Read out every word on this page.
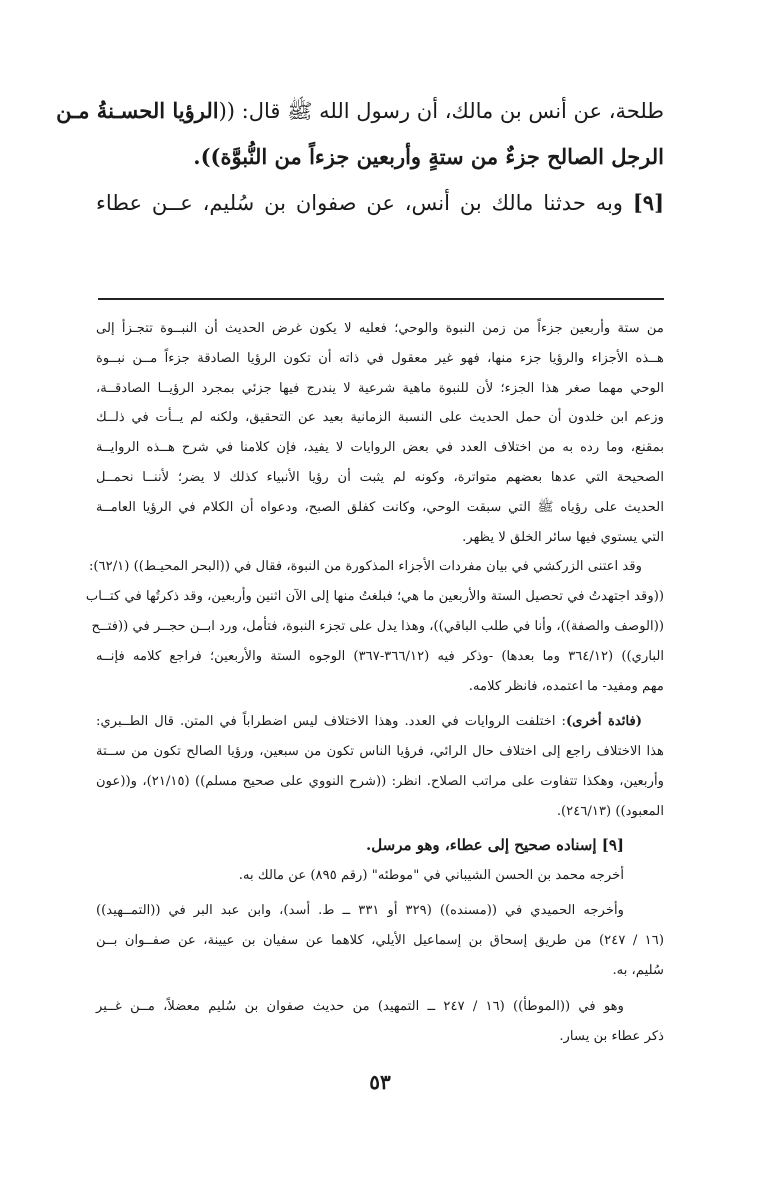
طلحة، عن أنس بن مالك، أن رسول الله ﷺ قال: ((الرؤيا الحسـنةُ مـن
الرجل الصالح جزءٌ من ستةٍ وأربعين جزءاً من النُّبوَّة)).
[٩] وبه حدثنا مالك بن أنس، عن صفوان بن سُليم، عــن عطاء
من ستة وأربعين جزءاً من زمن النبوة والوحي؛ فعليه لا يكون غرض الحديث أن النبــوة تتجـزأ إلى
هــذه الأجزاء والرؤيا جزء منها، فهو غير معقول في ذاته أن تكون الرؤيا الصادقة جزءاً مــن نبــوة
الوحي مهما صغر هذا الجزء؛ لأن للنبوة ماهية شرعية لا يندرج فيها جزئي بمجرد الرؤيــا الصادقــة،
وزعم ابن خلدون أن حمل الحديث على النسبة الزمانية بعيد عن التحقيق، ولكنه لم يــأت في ذلــك
بمقنع، وما رده به من اختلاف العدد في بعض الروايات لا يفيد، فإن كلامنا في شرح هــذه الروايــة
الصحيحة التي عدها بعضهم متواترة، وكونه لم يثبت أن رؤيا الأنبياء كذلك لا يضر؛ لأننــا نحمــل
الحديث على رؤياه ﷺ التي سبقت الوحي، وكانت كفلق الصبح، ودعواه أن الكلام في الرؤيا العامــة
التي يستوي فيها سائر الخلق لا يظهر.
وقد اعتنى الزركشي في بيان مفردات الأجزاء المذكورة من النبوة، فقال في ((البحر المحيـط)) (٦٢/١):
((وقد اجتهدتُ في تحصيل الستة والأربعين ما هي؛ فبلغتُ منها إلى الآن اثنين وأربعين، وقد ذكرتُها في كتــاب
((الوصف والصفة))، وأنا في طلب الباقي))، وهذا يدل على تجزء النبوة، فتأمل، ورد ابــن حجــر في ((فتــح
الباري)) (٣٦٤/١٢ وما بعدها) -وذكر فيه (٣٦٦/١٢-٣٦٧) الوجوه الستة والأربعين؛ فراجع كلامه فإنــه
مهم ومفيد- ما اعتمده، فانظر كلامه.
(فائدة أخرى): اختلفت الروايات في العدد. وهذا الاختلاف ليس اضطراباً في المتن. قال الطــبري:
هذا الاختلاف راجع إلى اختلاف حال الرائي، فرؤيا الناس تكون من سبعين، ورؤيا الصالح تكون من ســتة
وأربعين، وهكذا تتفاوت على مراتب الصلاح. انظر: ((شرح النووي على صحيح مسلم)) (٢١/١٥)، و((عون
المعبود)) (٢٤٦/١٣).
[٩] إسناده صحيح إلى عطاء، وهو مرسل.
أخرجه محمد بن الحسن الشيباني في "موطئه" (رقم ٨٩٥) عن مالك به.
وأخرجه الحميدي في ((مسنده)) (٣٢٩ أو ٣٣١ ــ ط. أسد)، وابن عبد البر في ((التمــهيد))
(١٦ / ٢٤٧) من طريق إسحاق بن إسماعيل الأيلي، كلاهما عن سفيان بن عيينة، عن صفــوان بــن
سُليم، به.
وهو في ((الموطأ)) (١٦ / ٢٤٧ ــ التمهيد) من حديث صفوان بن سُليم معضلاً، مــن غــير
ذكر عطاء بن يسار.
٥٣
